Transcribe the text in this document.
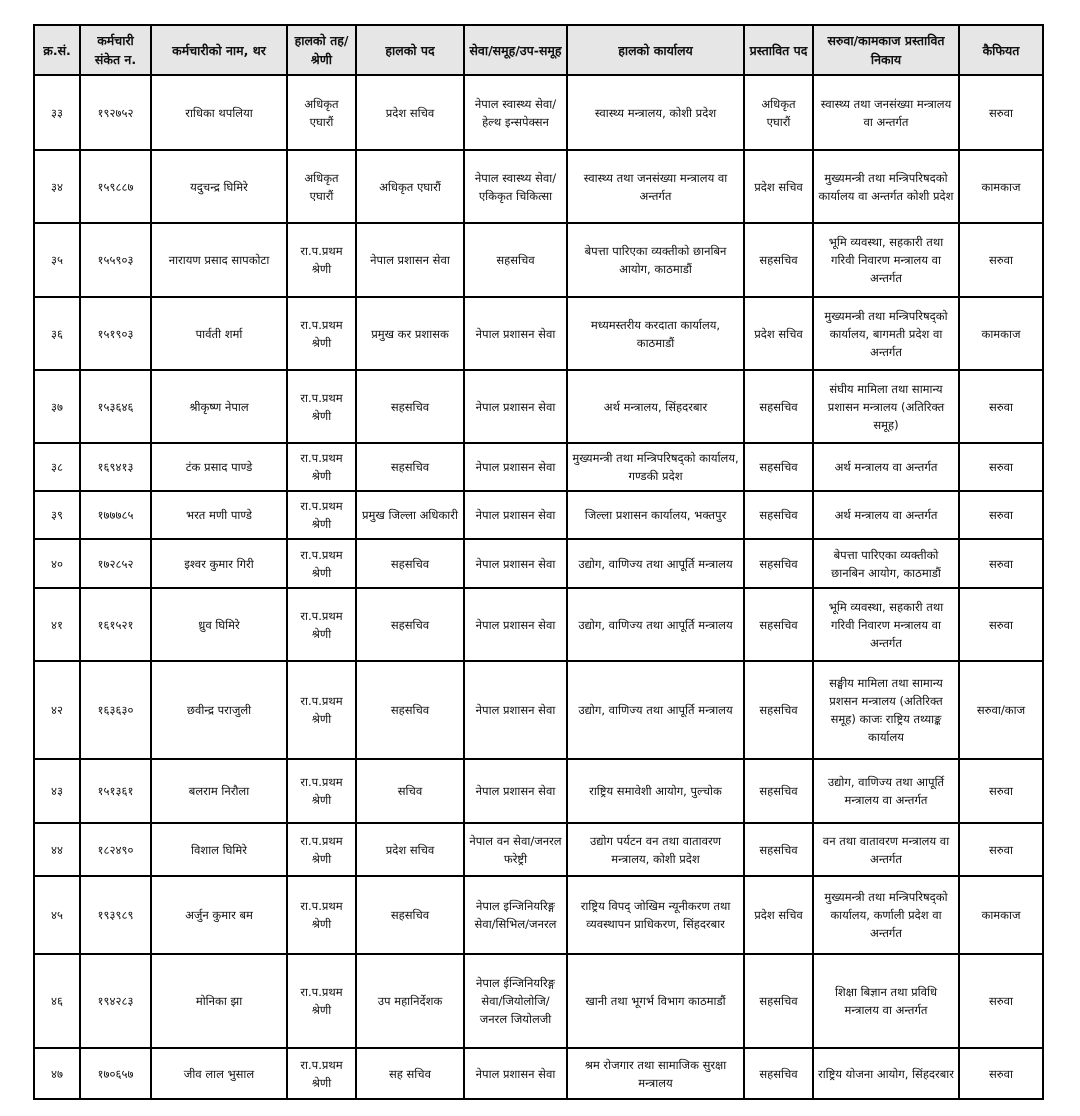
क्र.सं.	कर्मचारी संकेत न.	कर्मचारीको नाम, थर	हालको तह/श्रेणी	हालको पद	सेवा/समूह/उप-समूह	हालको कार्यालय	प्रस्तावित पद	सरुवा/कामकाज प्रस्तावित निकाय	कैफियत
३३	१९२७५२	राधिका थपलिया	अधिकृत एघारौं	प्रदेश सचिव	नेपाल स्वास्थ्य सेवा/हेल्थ इन्सपेक्सन	स्वास्थ्य मन्त्रालय, कोशी प्रदेश	अधिकृत एघारौं	स्वास्थ्य तथा जनसंख्या मन्त्रालय वा अन्तर्गत	सरुवा
३४	१५९८८७	यदुचन्द्र घिमिरे	अधिकृत एघारौं	अधिकृत एघारौं	नेपाल स्वास्थ्य सेवा/एकिकृत चिकित्सा	स्वास्थ्य तथा जनसंख्या मन्त्रालय वा अन्तर्गत	प्रदेश सचिव	मुख्यमन्त्री तथा मन्त्रिपरिषदको कार्यालय वा अन्तर्गत कोशी प्रदेश	कामकाज
३५	१५५९०३	नारायण प्रसाद सापकोटा	रा.प.प्रथम श्रेणी	नेपाल प्रशासन सेवा	सहसचिव	बेपत्ता पारिएका व्यक्तीको छानबिन आयोग, काठमाडौं	सहसचिव	भूमि व्यवस्था, सहकारी तथा गरिवी निवारण मन्त्रालय वा अन्तर्गत	सरुवा
३६	१५१९०३	पार्वती शर्मा	रा.प.प्रथम श्रेणी	प्रमुख कर प्रशासक	नेपाल प्रशासन सेवा	मध्यमस्तरीय करदाता कार्यालय, काठमाडौं	प्रदेश सचिव	मुख्यमन्त्री तथा मन्त्रिपरिषद्को कार्यालय, बागमती प्रदेश वा अन्तर्गत	कामकाज
३७	१५३६४६	श्रीकृष्ण नेपाल	रा.प.प्रथम श्रेणी	सहसचिव	नेपाल प्रशासन सेवा	अर्थ मन्त्रालय, सिंहदरबार	सहसचिव	संघीय मामिला तथा सामान्य प्रशासन मन्त्रालय (अतिरिक्त समूह)	सरुवा
३८	१६९४१३	टंक प्रसाद पाण्डे	रा.प.प्रथम श्रेणी	सहसचिव	नेपाल प्रशासन सेवा	मुख्यमन्त्री तथा मन्त्रिपरिषद्को कार्यालय, गण्डकी प्रदेश	सहसचिव	अर्थ मन्त्रालय वा अन्तर्गत	सरुवा
३९	१७७७८५	भरत मणी पाण्डे	रा.प.प्रथम श्रेणी	प्रमुख जिल्ला अधिकारी	नेपाल प्रशासन सेवा	जिल्ला प्रशासन कार्यालय, भक्तपुर	सहसचिव	अर्थ मन्त्रालय वा अन्तर्गत	सरुवा
४०	१७२८५२	इश्वर कुमार गिरी	रा.प.प्रथम श्रेणी	सहसचिव	नेपाल प्रशासन सेवा	उद्योग, वाणिज्य तथा आपूर्ति मन्त्रालय	सहसचिव	बेपत्ता पारिएका व्यक्तीको छानबिन आयोग, काठमाडौं	सरुवा
४१	१६१५२१	ध्रुव घिमिरे	रा.प.प्रथम श्रेणी	सहसचिव	नेपाल प्रशासन सेवा	उद्योग, वाणिज्य तथा आपूर्ति मन्त्रालय	सहसचिव	भूमि व्यवस्था, सहकारी तथा गरिवी निवारण मन्त्रालय वा अन्तर्गत	सरुवा
४२	१६३६३०	छवीन्द्र पराजुली	रा.प.प्रथम श्रेणी	सहसचिव	नेपाल प्रशासन सेवा	उद्योग, वाणिज्य तथा आपूर्ति मन्त्रालय	सहसचिव	सङ्घीय मामिला तथा सामान्य प्रशसन मन्त्रालय (अतिरिक्त समूह) काजः राष्ट्रिय तथ्याङ्क कार्यालय	सरुवा/काज
४३	१५१३६१	बलराम निरौला	रा.प.प्रथम श्रेणी	सचिव	नेपाल प्रशासन सेवा	राष्ट्रिय समावेशी आयोग, पुल्चोक	सहसचिव	उद्योग, वाणिज्य तथा आपूर्ति मन्त्रालय वा अन्तर्गत	सरुवा
४४	१८२४९०	विशाल घिमिरे	रा.प.प्रथम श्रेणी	प्रदेश सचिव	नेपाल वन सेवा/जनरल फरेष्ट्री	उद्योग पर्यटन वन तथा वातावरण मन्त्रालय, कोशी प्रदेश	सहसचिव	वन तथा वातावरण मन्त्रालय वा अन्तर्गत	सरुवा
४५	१९३९८९	अर्जुन कुमार बम	रा.प.प्रथम श्रेणी	सहसचिव	नेपाल इन्जिनियरिङ्ग सेवा/सिभिल/जनरल	राष्ट्रिय विपद् जोखिम न्यूनीकरण तथा व्यवस्थापन प्राधिकरण, सिंहदरबार	प्रदेश सचिव	मुख्यमन्त्री तथा मन्त्रिपरिषद्को कार्यालय, कर्णाली प्रदेश वा अन्तर्गत	कामकाज
४६	१९४२८३	मोनिका झा	रा.प.प्रथम श्रेणी	उप महानिर्देशक	नेपाल ईन्जिनियरिङ्ग सेवा/जियोलोजि/जनरल जियोलजी	खानी तथा भूगर्भ विभाग काठमाडौं	सहसचिव	शिक्षा बिज्ञान तथा प्रविधि मन्त्रालय वा अन्तर्गत	सरुवा
४७	१७०६५७	जीव लाल भुसाल	रा.प.प्रथम श्रेणी	सह सचिव	नेपाल प्रशासन सेवा	श्रम रोजगार तथा सामाजिक सुरक्षा मन्त्रालय	सहसचिव	राष्ट्रिय योजना आयोग, सिंहदरबार	सरुवा
